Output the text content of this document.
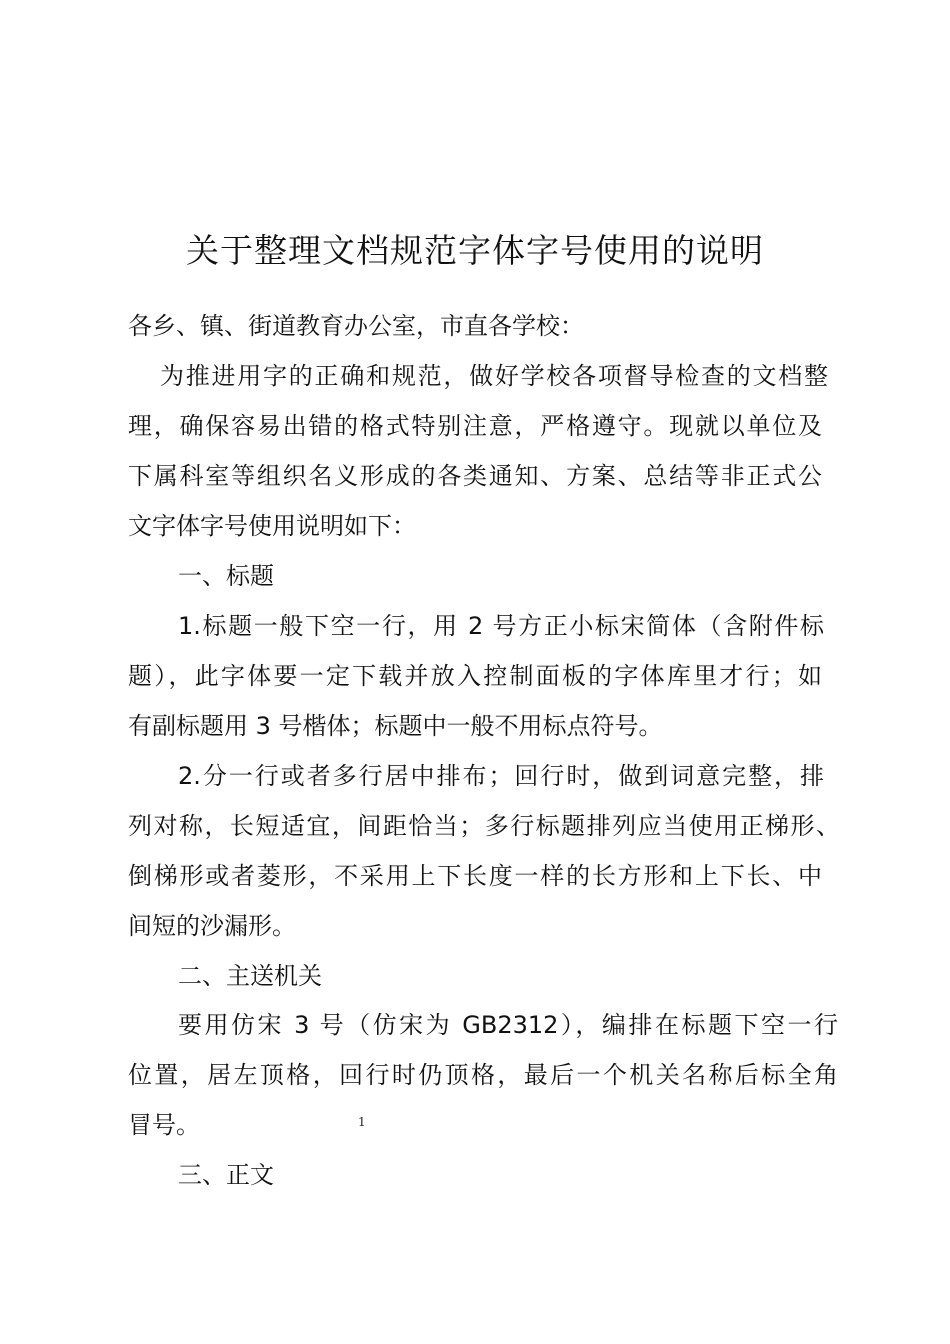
关于整理文档规范字体字号使用的说明
各乡、镇、街道教育办公室，市直各学校：
为推进用字的正确和规范，做好学校各项督导检查的文档整
理，确保容易出错的格式特别注意，严格遵守。现就以单位及
下属科室等组织名义形成的各类通知、方案、总结等非正式公
文字体字号使用说明如下：
一、标题
1.标题一般下空一行，用 2 号方正小标宋简体（含附件标
题），此字体要一定下载并放入控制面板的字体库里才行；如
有副标题用 3 号楷体；标题中一般不用标点符号。
2.分一行或者多行居中排布；回行时，做到词意完整，排
列对称，长短适宜，间距恰当；多行标题排列应当使用正梯形、
倒梯形或者菱形，不采用上下长度一样的长方形和上下长、中
间短的沙漏形。
二、主送机关
要用仿宋 3 号（仿宋为 GB2312），编排在标题下空一行
位置，居左顶格，回行时仍顶格，最后一个机关名称后标全角
冒号。	1
三、正文
